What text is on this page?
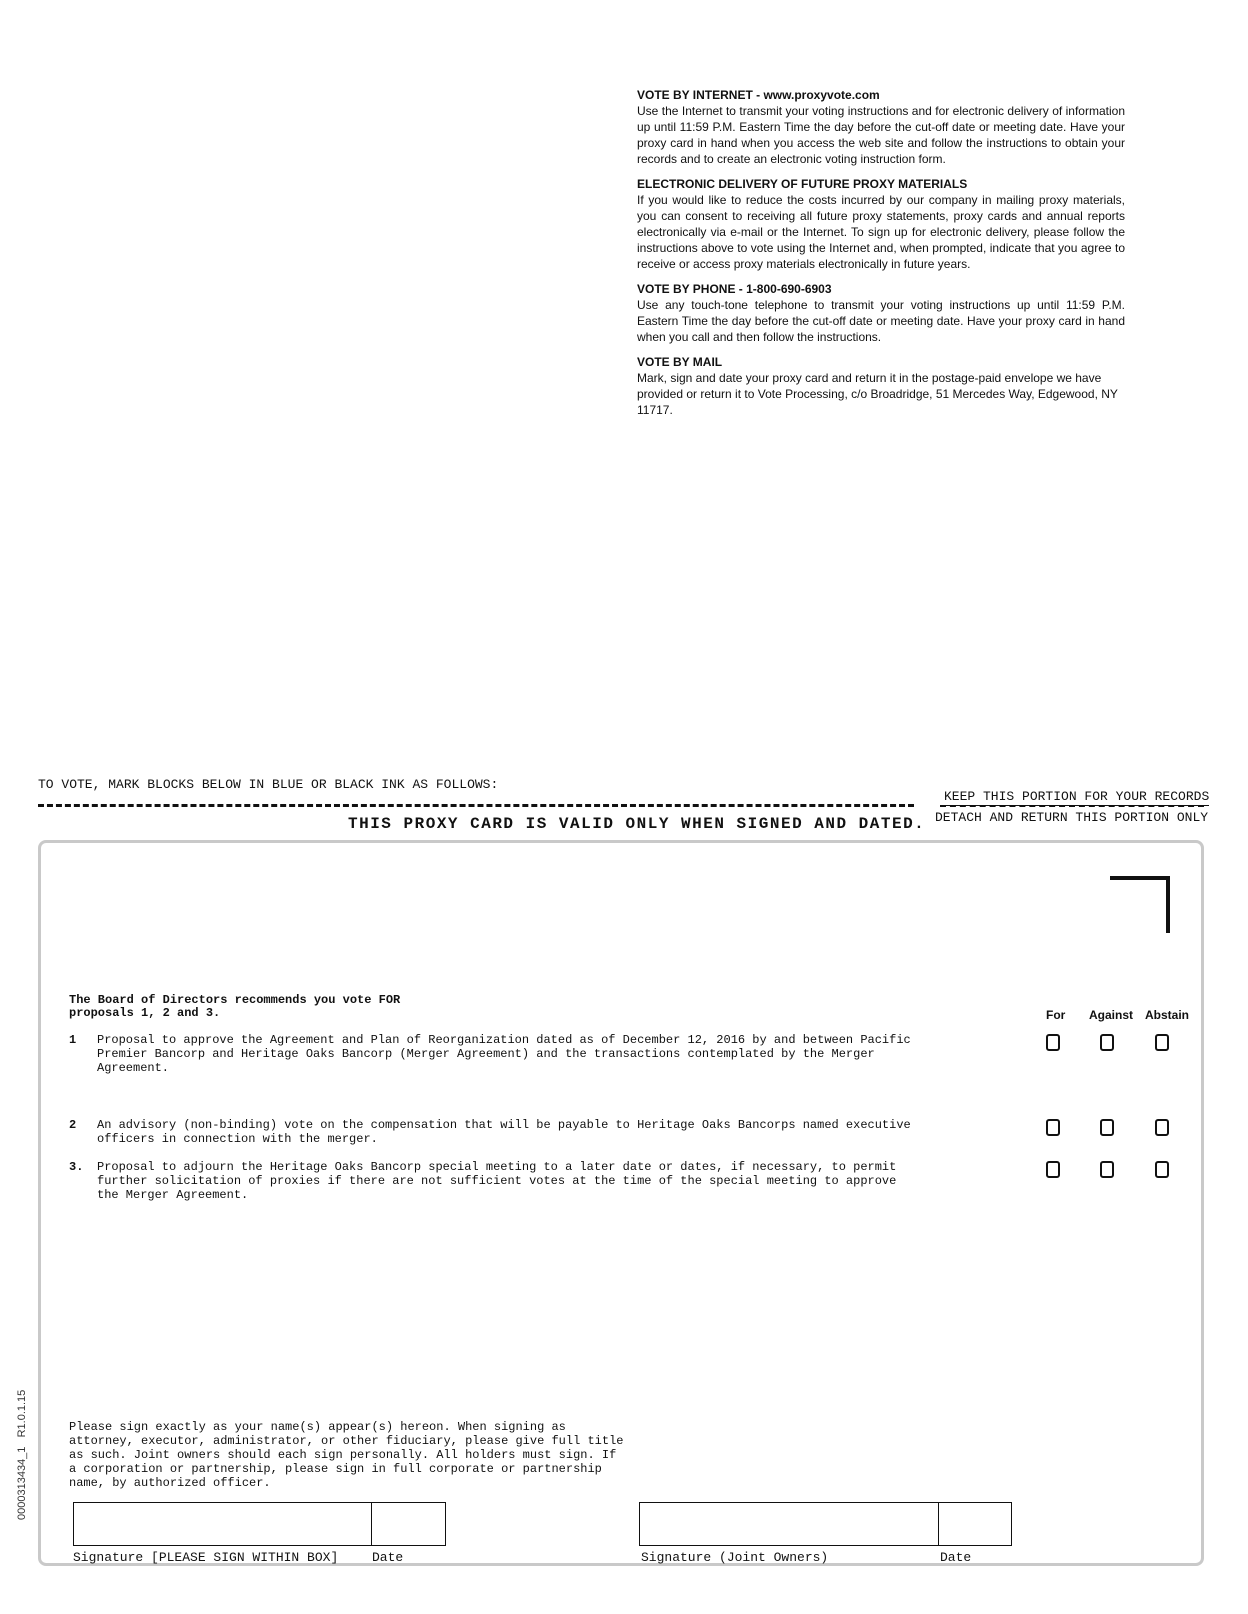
VOTE BY INTERNET - www.proxyvote.com
Use the Internet to transmit your voting instructions and for electronic delivery of information up until 11:59 P.M. Eastern Time the day before the cut-off date or meeting date. Have your proxy card in hand when you access the web site and follow the instructions to obtain your records and to create an electronic voting instruction form.
ELECTRONIC DELIVERY OF FUTURE PROXY MATERIALS
If you would like to reduce the costs incurred by our company in mailing proxy materials, you can consent to receiving all future proxy statements, proxy cards and annual reports electronically via e-mail or the Internet. To sign up for electronic delivery, please follow the instructions above to vote using the Internet and, when prompted, indicate that you agree to receive or access proxy materials electronically in future years.
VOTE BY PHONE - 1-800-690-6903
Use any touch-tone telephone to transmit your voting instructions up until 11:59 P.M. Eastern Time the day before the cut-off date or meeting date. Have your proxy card in hand when you call and then follow the instructions.
VOTE BY MAIL
Mark, sign and date your proxy card and return it in the postage-paid envelope we have provided or return it to Vote Processing, c/o Broadridge, 51 Mercedes Way, Edgewood, NY 11717.
TO VOTE, MARK BLOCKS BELOW IN BLUE OR BLACK INK AS FOLLOWS:
KEEP THIS PORTION FOR YOUR RECORDS
THIS PROXY CARD IS VALID ONLY WHEN SIGNED AND DATED. DETACH AND RETURN THIS PORTION ONLY
The Board of Directors recommends you vote FOR proposals 1, 2 and 3.	For Against Abstain
1 Proposal to approve the Agreement and Plan of Reorganization dated as of December 12, 2016 by and between Pacific Premier Bancorp and Heritage Oaks Bancorp (Merger Agreement) and the transactions contemplated by the Merger Agreement.
2 An advisory (non-binding) vote on the compensation that will be payable to Heritage Oaks Bancorps named executive officers in connection with the merger.
3. Proposal to adjourn the Heritage Oaks Bancorp special meeting to a later date or dates, if necessary, to permit further solicitation of proxies if there are not sufficient votes at the time of the special meeting to approve the Merger Agreement.
Please sign exactly as your name(s) appear(s) hereon. When signing as attorney, executor, administrator, or other fiduciary, please give full title as such. Joint owners should each sign personally. All holders must sign. If a corporation or partnership, please sign in full corporate or partnership name, by authorized officer.
Signature [PLEASE SIGN WITHIN BOX]	Date	Signature (Joint Owners)	Date
0000313434_1   R1.0.1.15
